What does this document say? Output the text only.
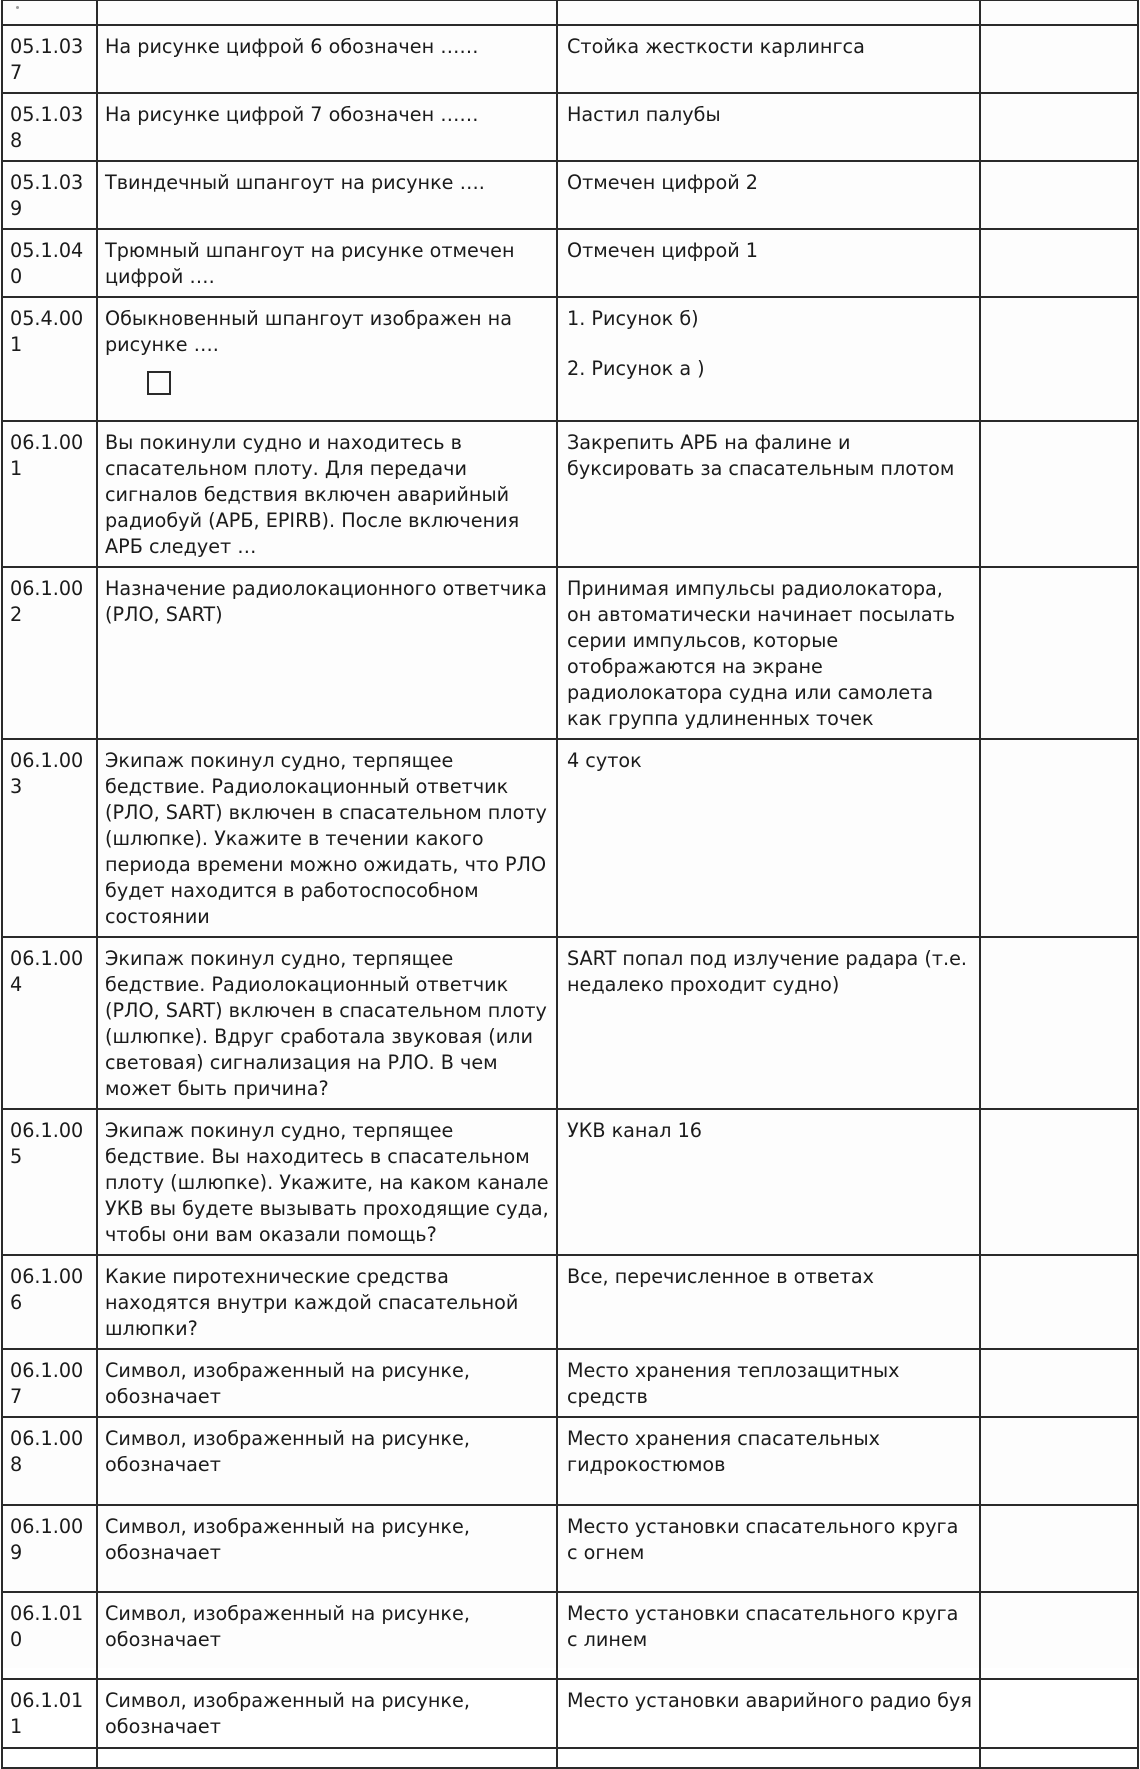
05.1.037	На рисунке цифрой 6 обозначен ……	Стойка жесткости карлингса	

05.1.038	На рисунке цифрой 7 обозначен ……	Настил палубы	

05.1.039	Твиндечный шпангоут на рисунке ….	Отмечен цифрой 2	

05.1.040	Трюмный шпангоут на рисунке отмечен цифрой ….	Отмечен цифрой 1	

05.4.001	Обыкновенный шпангоут изображен на рисунке ….	1. Рисунок б)
2. Рисунок а )	

06.1.001	Вы покинули судно и находитесь в спасательном плоту. Для передачи сигналов бедствия включен аварийный радиобуй (АРБ, EPIRB). После включения АРБ следует …	Закрепить АРБ на фалине и буксировать за спасательным плотом	

06.1.002	Назначение радиолокационного ответчика (РЛО, SART)	Принимая импульсы радиолокатора, он автоматически начинает посылать серии импульсов, которые отображаются на экране радиолокатора судна или самолета как группа удлиненных точек	

06.1.003	Экипаж покинул судно, терпящее бедствие. Радиолокационный ответчик (РЛО, SART) включен в спасательном плоту (шлюпке). Укажите в течении какого периода времени можно ожидать, что РЛО будет находится в работоспособном состоянии	4 суток	

06.1.004	Экипаж покинул судно, терпящее бедствие. Радиолокационный ответчик (РЛО, SART) включен в спасательном плоту (шлюпке). Вдруг сработала звуковая (или световая) сигнализация на РЛО. В чем может быть причина?	SART попал под излучение радара (т.е. недалеко проходит судно)	

06.1.005	Экипаж покинул судно, терпящее бедствие. Вы находитесь в спасательном плоту (шлюпке). Укажите, на каком канале УКВ вы будете вызывать проходящие суда, чтобы они вам оказали помощь?	УКВ канал 16	

06.1.006	Какие пиротехнические средства находятся внутри каждой спасательной шлюпки?	Все, перечисленное в ответах	

06.1.007	Символ, изображенный на рисунке, обозначает	Место хранения теплозащитных средств	

06.1.008	Символ, изображенный на рисунке, обозначает	Место хранения спасательных гидрокостюмов	

06.1.009	Символ, изображенный на рисунке, обозначает	Место установки спасательного круга с огнем	

06.1.010	Символ, изображенный на рисунке, обозначает	Место установки спасательного круга с линем	

06.1.011	Символ, изображенный на рисунке, обозначает	Место установки аварийного радио буя	
